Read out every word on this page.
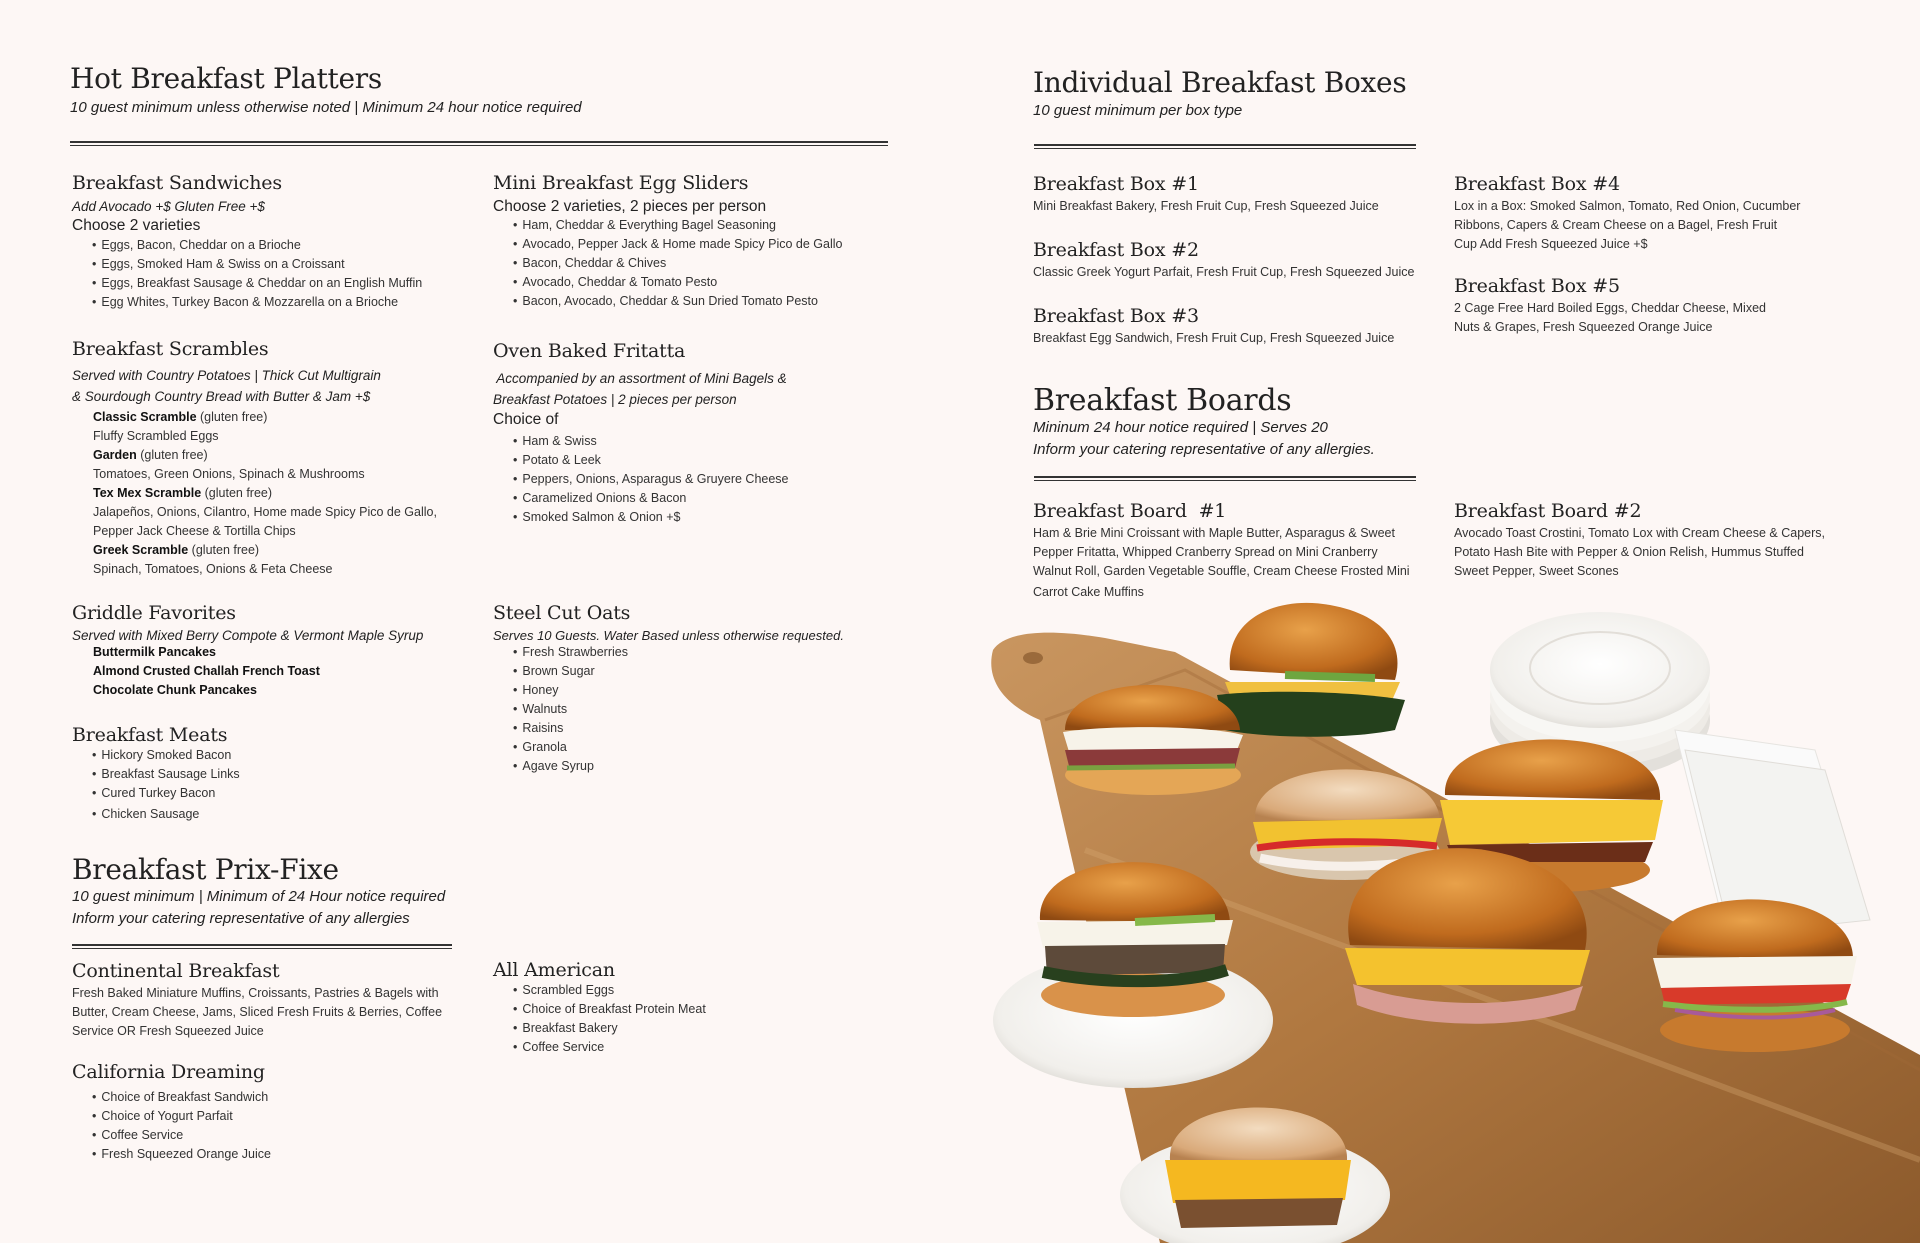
Hot Breakfast Platters
10 guest minimum unless otherwise noted | Minimum 24 hour notice required
Breakfast Sandwiches
Add Avocado +$ Gluten Free +$
Choose 2 varieties
• Eggs, Bacon, Cheddar on a Brioche
• Eggs, Smoked Ham & Swiss on a Croissant
• Eggs, Breakfast Sausage & Cheddar on an English Muffin
• Egg Whites, Turkey Bacon & Mozzarella on a Brioche
Mini Breakfast Egg Sliders
Choose 2 varieties, 2 pieces per person
• Ham, Cheddar & Everything Bagel Seasoning
• Avocado, Pepper Jack & Home made Spicy Pico de Gallo
• Bacon, Cheddar & Chives
• Avocado, Cheddar & Tomato Pesto
• Bacon, Avocado, Cheddar & Sun Dried Tomato Pesto
Breakfast Scrambles
Served with Country Potatoes | Thick Cut Multigrain
& Sourdough Country Bread with Butter & Jam +$
Classic Scramble (gluten free)
Fluffy Scrambled Eggs
Garden (gluten free)
Tomatoes, Green Onions, Spinach & Mushrooms
Tex Mex Scramble (gluten free)
Jalapeños, Onions, Cilantro, Home made Spicy Pico de Gallo,
Pepper Jack Cheese & Tortilla Chips
Greek Scramble (gluten free)
Spinach, Tomatoes, Onions & Feta Cheese
Oven Baked Fritatta
Accompanied by an assortment of Mini Bagels &
Breakfast Potatoes | 2 pieces per person
Choice of
• Ham & Swiss
• Potato & Leek
• Peppers, Onions, Asparagus & Gruyere Cheese
• Caramelized Onions & Bacon
• Smoked Salmon & Onion +$
Griddle Favorites
Served with Mixed Berry Compote & Vermont Maple Syrup
Buttermilk Pancakes
Almond Crusted Challah French Toast
Chocolate Chunk Pancakes
Steel Cut Oats
Serves 10 Guests. Water Based unless otherwise requested.
• Fresh Strawberries
• Brown Sugar
• Honey
• Walnuts
• Raisins
• Granola
• Agave Syrup
Breakfast Meats
• Hickory Smoked Bacon
• Breakfast Sausage Links
• Cured Turkey Bacon
• Chicken Sausage
Breakfast Prix-Fixe
10 guest minimum | Minimum of 24 Hour notice required
Inform your catering representative of any allergies
Continental Breakfast
Fresh Baked Miniature Muffins, Croissants, Pastries & Bagels with
Butter, Cream Cheese, Jams, Sliced Fresh Fruits & Berries, Coffee
Service OR Fresh Squeezed Juice
All American
• Scrambled Eggs
• Choice of Breakfast Protein Meat
• Breakfast Bakery
• Coffee Service
California Dreaming
• Choice of Breakfast Sandwich
• Choice of Yogurt Parfait
• Coffee Service
• Fresh Squeezed Orange Juice
Individual Breakfast Boxes
10 guest minimum per box type
Breakfast Box #1
Mini Breakfast Bakery, Fresh Fruit Cup, Fresh Squeezed Juice
Breakfast Box #2
Classic Greek Yogurt Parfait, Fresh Fruit Cup, Fresh Squeezed Juice
Breakfast Box #3
Breakfast Egg Sandwich, Fresh Fruit Cup, Fresh Squeezed Juice
Breakfast Box #4
Lox in a Box: Smoked Salmon, Tomato, Red Onion, Cucumber
Ribbons, Capers & Cream Cheese on a Bagel, Fresh Fruit
Cup Add Fresh Squeezed Juice +$
Breakfast Box #5
2 Cage Free Hard Boiled Eggs, Cheddar Cheese, Mixed
Nuts & Grapes, Fresh Squeezed Orange Juice
Breakfast Boards
Mininum 24 hour notice required | Serves 20
Inform your catering representative of any allergies.
Breakfast Board  #1
Ham & Brie Mini Croissant with Maple Butter, Asparagus & Sweet
Pepper Fritatta, Whipped Cranberry Spread on Mini Cranberry
Walnut Roll, Garden Vegetable Souffle, Cream Cheese Frosted Mini
Carrot Cake Muffins
Breakfast Board #2
Avocado Toast Crostini, Tomato Lox with Cream Cheese & Capers,
Potato Hash Bite with Pepper & Onion Relish, Hummus Stuffed
Sweet Pepper, Sweet Scones
